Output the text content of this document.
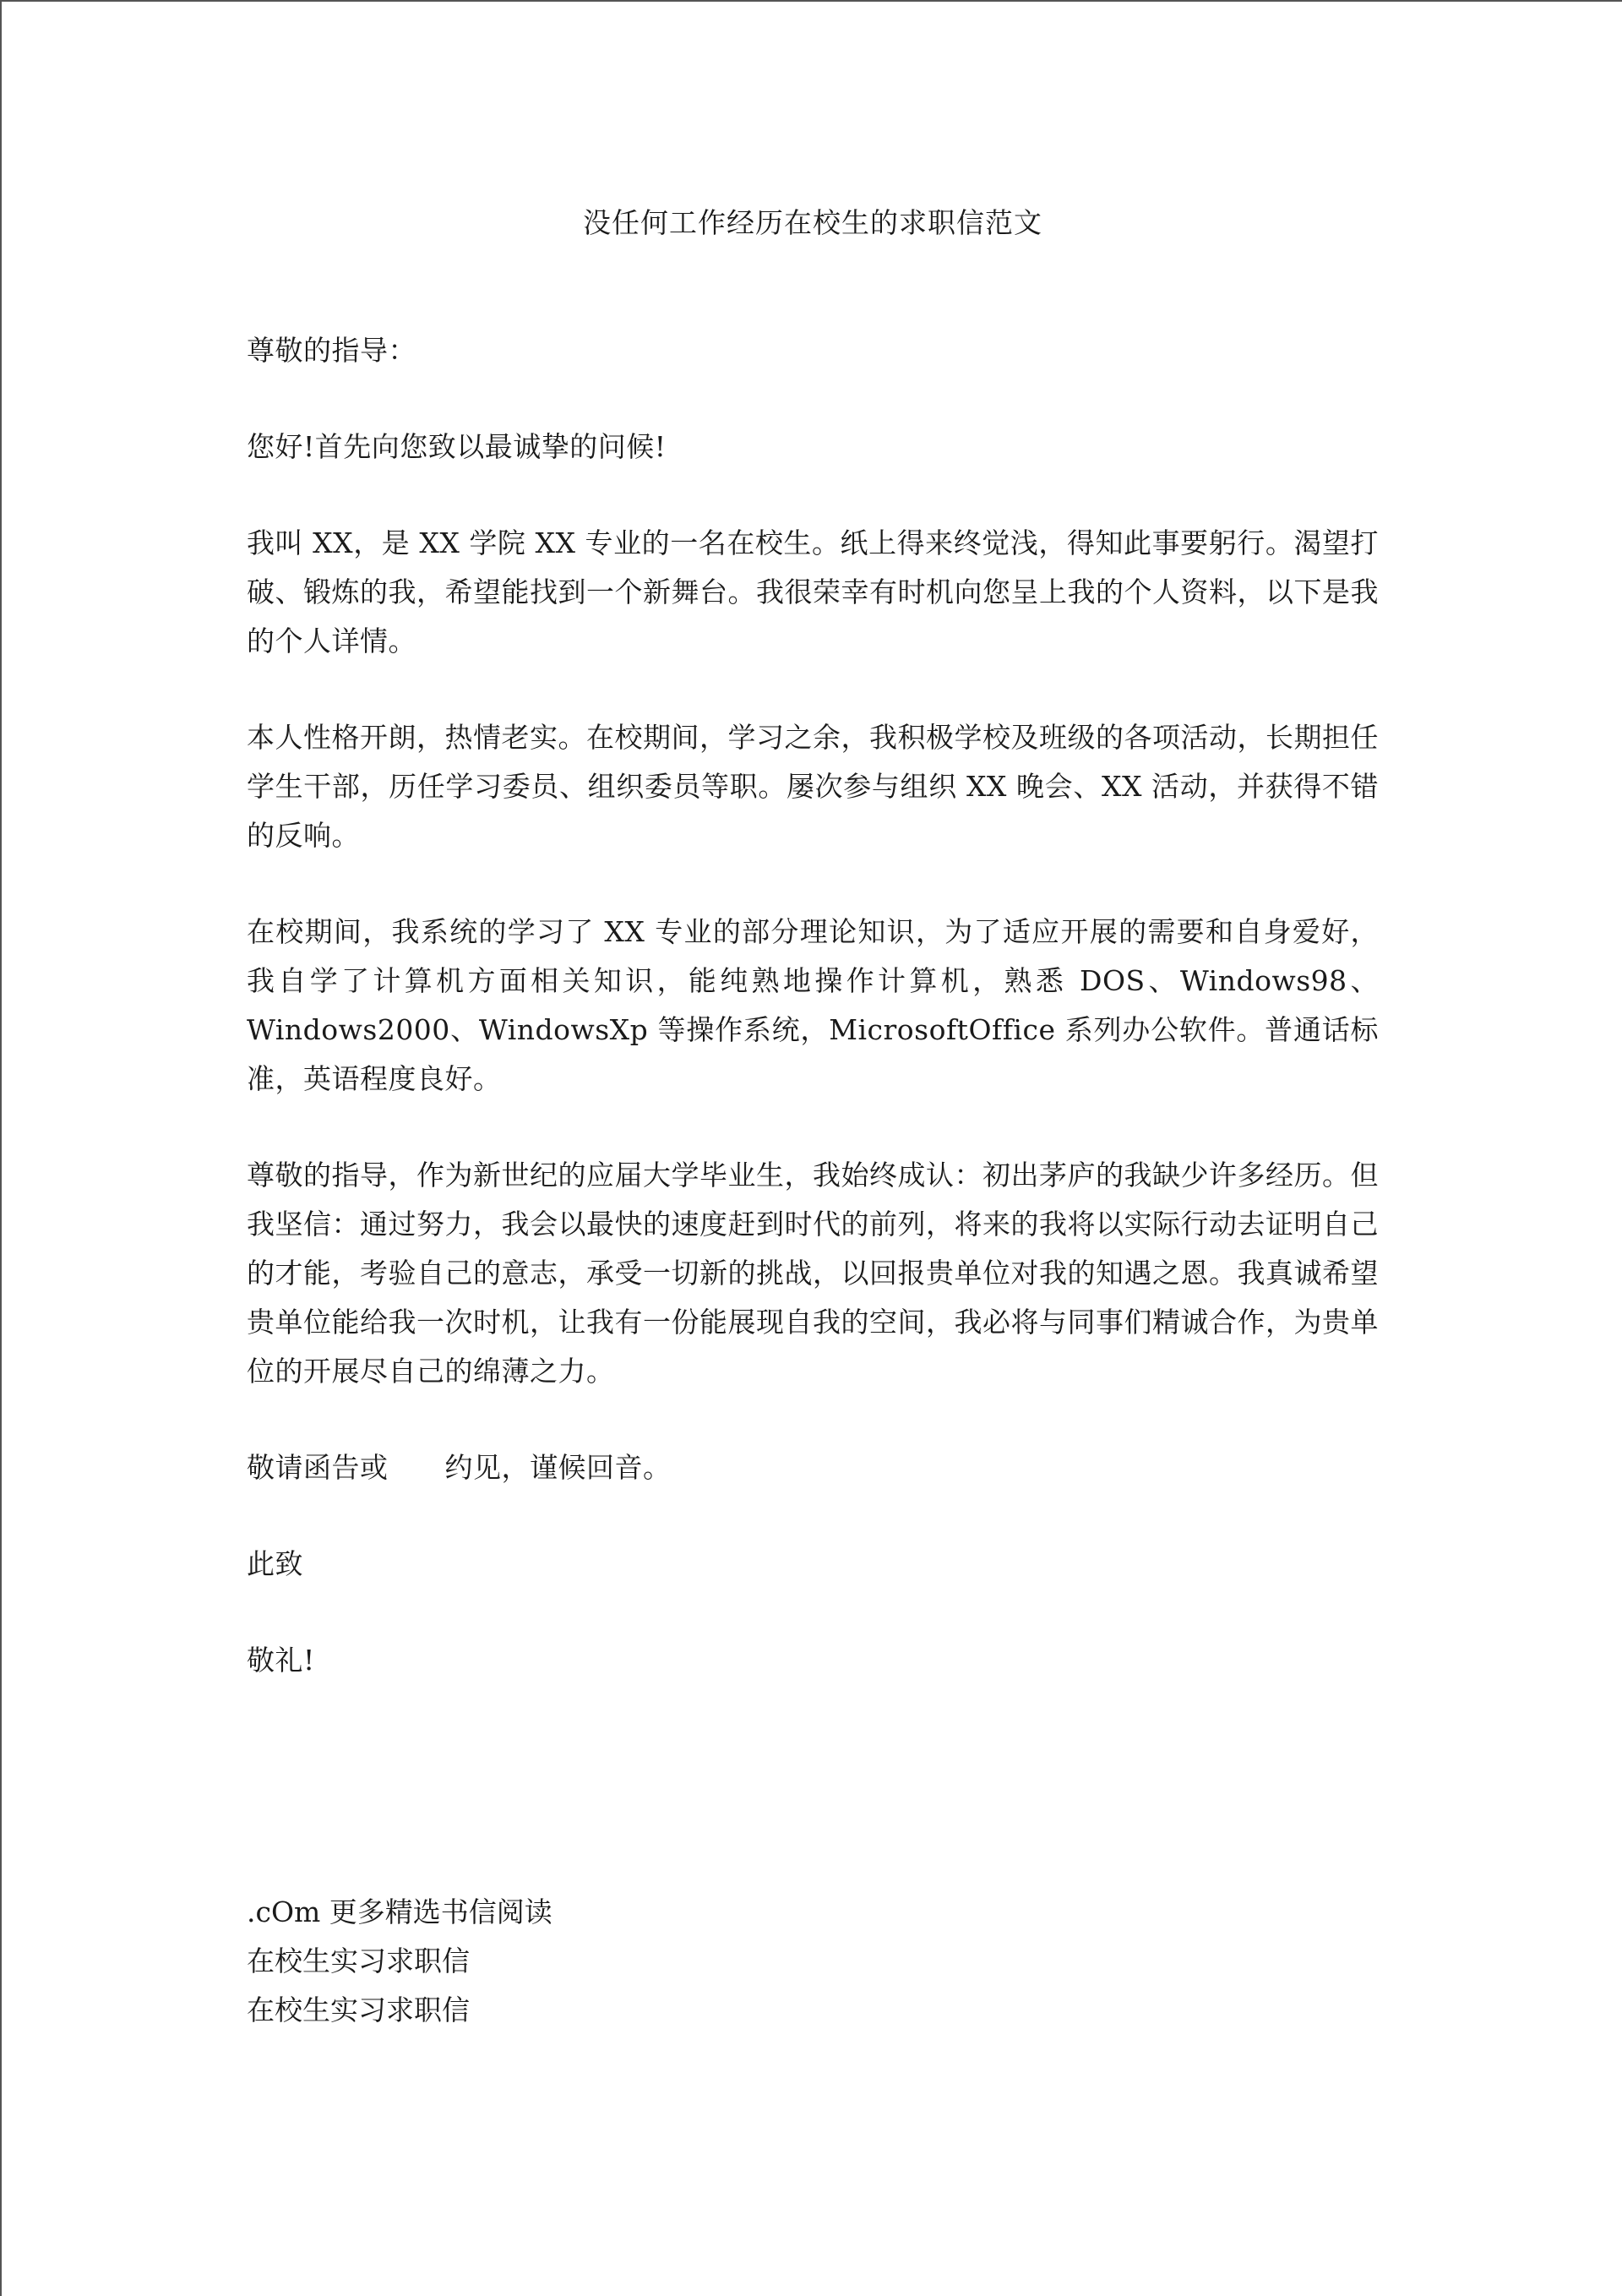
没任何工作经历在校生的求职信范文

尊敬的指导：

您好!首先向您致以最诚挚的问候!

我叫 XX，是 XX 学院 XX 专业的一名在校生。纸上得来终觉浅，得知此事要躬行。渴望打破、锻炼的我，希望能找到一个新舞台。我很荣幸有时机向您呈上我的个人资料，以下是我的个人详情。

本人性格开朗，热情老实。在校期间，学习之余，我积极学校及班级的各项活动，长期担任学生干部，历任学习委员、组织委员等职。屡次参与组织 XX 晚会、XX 活动，并获得不错的反响。

在校期间，我系统的学习了 XX 专业的部分理论知识，为了适应开展的需要和自身爱好，我自学了计算机方面相关知识，能纯熟地操作计算机，熟悉 DOS、Windows98、Windows2000、WindowsXp 等操作系统，MicrosoftOffice 系列办公软件。普通话标准，英语程度良好。

尊敬的指导，作为新世纪的应届大学毕业生，我始终成认：初出茅庐的我缺少许多经历。但我坚信：通过努力，我会以最快的速度赶到时代的前列，将来的我将以实际行动去证明自己的才能，考验自己的意志，承受一切新的挑战，以回报贵单位对我的知遇之恩。我真诚希望贵单位能给我一次时机，让我有一份能展现自我的空间，我必将与同事们精诚合作，为贵单位的开展尽自己的绵薄之力。

敬请函告或　　约见，谨候回音。

此致

敬礼!

.cOm 更多精选书信阅读

在校生实习求职信

在校生实习求职信
